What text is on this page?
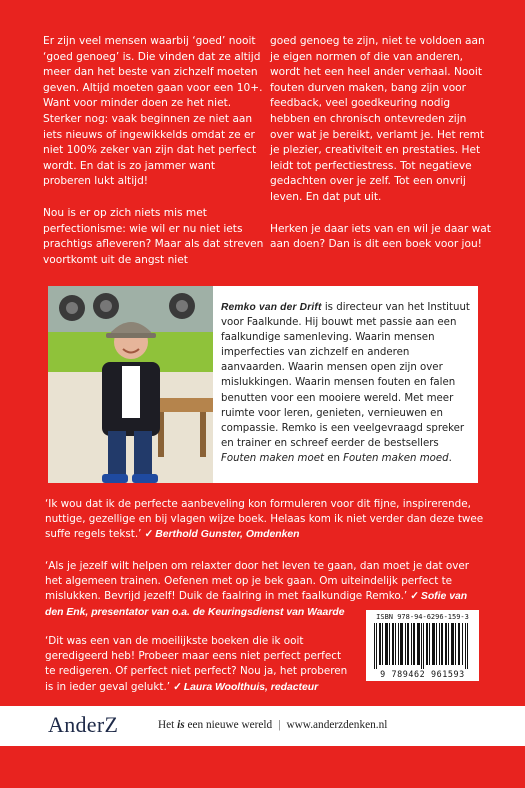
Er zijn veel mensen waarbij ‘goed’ nooit ‘goed genoeg’ is. Die vinden dat ze altijd meer dan het beste van zichzelf moeten geven. Altijd moeten gaan voor een 10+. Want voor minder doen ze het niet. Sterker nog: vaak beginnen ze niet aan iets nieuws of ingewikkelds omdat ze er niet 100% zeker van zijn dat het perfect wordt. En dat is zo jammer want proberen lukt altijd!

Nou is er op zich niets mis met perfectionisme: wie wil er nu niet iets prachtigs afleveren? Maar als dat streven voortkomt uit de angst niet

goed genoeg te zijn, niet te voldoen aan je eigen normen of die van anderen, wordt het een heel ander verhaal. Nooit fouten durven maken, bang zijn voor feedback, veel goedkeuring nodig hebben en chronisch ontevreden zijn over wat je bereikt, verlamt je. Het remt je plezier, creativiteit en prestaties. Het leidt tot perfectiestress. Tot negatieve gedachten over je zelf. Tot een onvrij leven. En dat put uit.

Herken je daar iets van en wil je daar wat aan doen? Dan is dit een boek voor jou!

Remko van der Drift is directeur van het Instituut voor Faalkunde. Hij bouwt met passie aan een faalkundige samenleving. Waarin mensen imperfecties van zichzelf en anderen aanvaarden. Waarin mensen open zijn over mislukkingen. Waarin mensen fouten en falen benutten voor een mooiere wereld. Met meer ruimte voor leren, genieten, vernieuwen en compassie. Remko is een veelgevraagd spreker en trainer en schreef eerder de bestsellers Fouten maken moet en Fouten maken moed.

‘Ik wou dat ik de perfecte aanbeveling kon formuleren voor dit fijne, inspirerende, nuttige, gezellige en bij vlagen wijze boek. Helaas kom ik niet verder dan deze twee suffe regels tekst.’ ✓ Berthold Gunster, Omdenken

‘Als je jezelf wilt helpen om relaxter door het leven te gaan, dan moet je dat over het algemeen trainen. Oefenen met op je bek gaan. Om uiteindelijk perfect te mislukken. Bevrijd jezelf! Duik de faalring in met faalkundige Remko.’ ✓ Sofie van den Enk, presentator van o.a. de Keuringsdienst van Waarde

‘Dit was een van de moeilijkste boeken die ik ooit geredigeerd heb! Probeer maar eens niet perfect perfect te redigeren. Of perfect niet perfect? Nou ja, het proberen is in ieder geval gelukt.’ ✓ Laura Woolthuis, redacteur

ISBN 978-94-6296-159-3
9 789462 961593
AnderZ	Het is een nieuwe wereld | www.anderzdenken.nl
